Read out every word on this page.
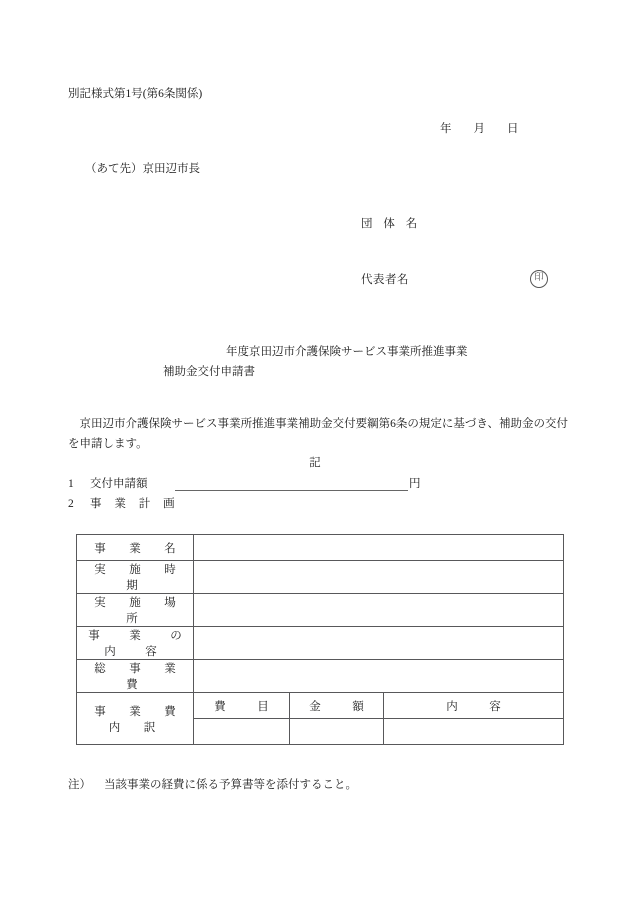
別記様式第1号(第6条関係)
年 月 日
（あて先）京田辺市長
団 体 名
代表者名	印
年度京田辺市介護保険サービス事業所推進事業
補助金交付申請書
　京田辺市介護保険サービス事業所推進事業補助金交付要綱第6条の規定に基づき、補助金の交付を申請します。
記
1 交付申請額	円
2 事 業 計 画
事　業　名			
実　施　時　期			
実　施　場　所			
事　業　の　内　容			
総　事　業　費			
事　業　費　内　訳	費　目	金　額	内　容

注） 当該事業の経費に係る予算書等を添付すること。
